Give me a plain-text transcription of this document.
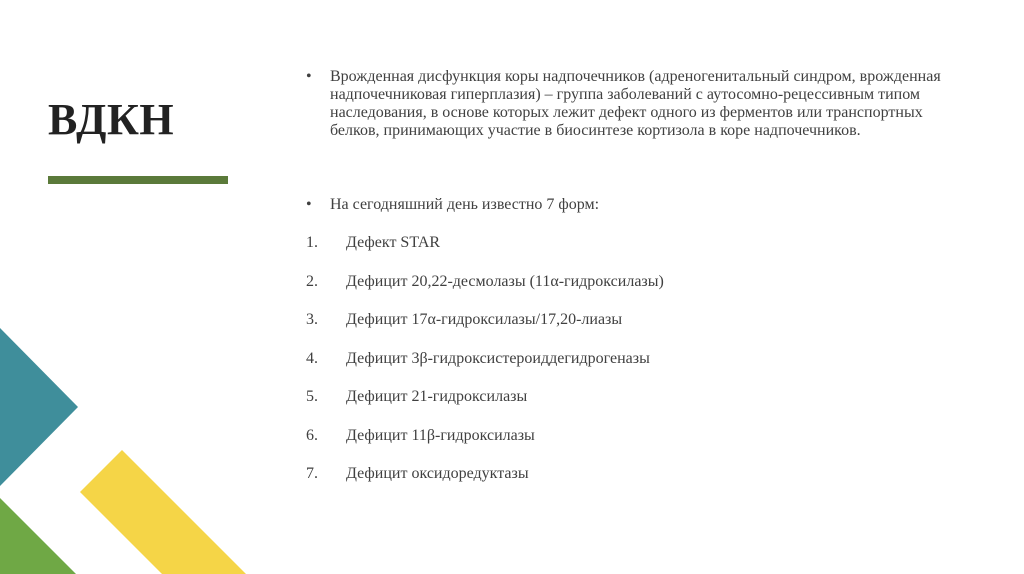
ВДКН

• Врожденная дисфункция коры надпочечников (адреногенитальный синдром, врожденная надпочечниковая гиперплазия) – группа заболеваний с аутосомно-рецессивным типом наследования, в основе которых лежит дефект одного из ферментов или транспортных белков, принимающих участие в биосинтезе кортизола в коре надпочечников.

• На сегодняшний день известно 7 форм:

1. Дефект STAR
2. Дефицит 20,22-десмолазы (11α-гидроксилазы)
3. Дефицит 17α-гидроксилазы/17,20-лиазы
4. Дефицит 3β-гидроксистероиддегидрогеназы
5. Дефицит 21-гидроксилазы
6. Дефицит 11β-гидроксилазы
7. Дефицит оксидоредуктазы
